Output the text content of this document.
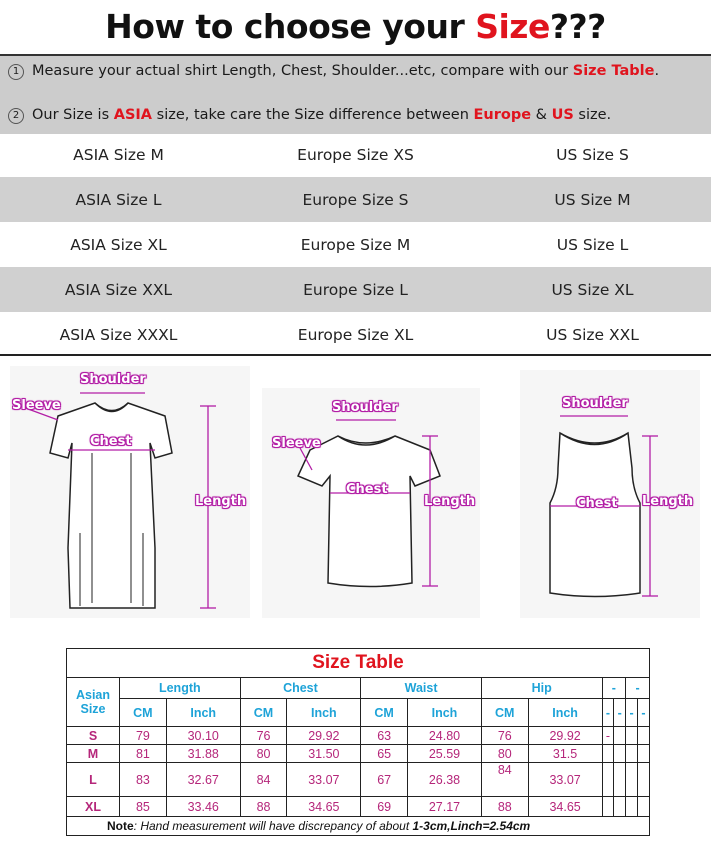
How to choose your Size???
1 Measure your actual shirt Length, Chest, Shoulder...etc, compare with our Size Table.
2 Our Size is ASIA size, take care the Size difference between Europe & US size.
ASIA Size M	Europe Size XS	US Size S
ASIA Size L	Europe Size S	US Size M
ASIA Size XL	Europe Size M	US Size L
ASIA Size XXL	Europe Size L	US Size XL
ASIA Size XXXL	Europe Size XL	US Size XXL
Shoulder
Sleeve
Chest
Length
Shoulder
Sleeve
Chest
Length
Shoulder
Chest Length
Size Table												
Asian Size	Length		Chest		Waist		Hip		-		-	
	CM	Inch	CM	Inch	CM	Inch	CM	Inch	-	-	-	-
S	79	30.10	76	29.92	63	24.80	76	29.92	-			
M	81	31.88	80	31.50	65	25.59	80	31.5				
L	83	32.67	84	33.07	67	26.38	84	33.07				
XL	85	33.46	88	34.65	69	27.17	88	34.65				
Note: Hand measurement will have discrepancy of about 1-3cm,Linch=2.54cm												
